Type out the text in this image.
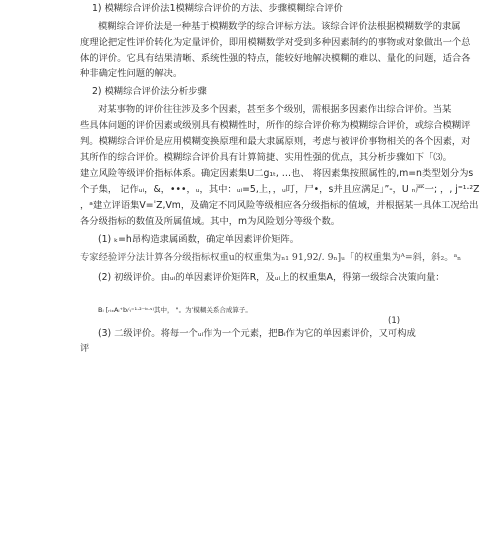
1) 模糊综合评价法1模糊综合评价的方法、步骤模糊综合评价
模糊综合评价法是一种基于模糊数学的综合评标方法。该综合评价法根据模糊数学的隶属
度理论把定性评价转化为定量评价，即用模糊数学对受到多种因素制约的事物或对象做出一个总
体的评价。它具有结果清晰、系统性强的特点，能较好地解决模糊的难以、量化的问题，适合各
种非确定性问题的解决。
2) 模糊综合评价法分析步骤
对某事物的评价往往涉及多个因素，甚至多个级别，需根据多因素作出综合评价。当某
些具体问题的评价因素或级别具有模糊性时，所作的综合评价称为模糊综合评价，或综合模糊评
判。模糊综合评价是应用模糊变换原理和最大隶属原则，考虑与被评价事物相关的各个因素，对
其所作的综合评价。模糊综合评价具有计算简捷、实用性强的优点，其分析步骤如下「⑶。
建立风险等级评价指标体系。确定因素集U二g₁ₜ, …也、 将因素集按照属性的,m=n类型划分为s
个子集， 记作ᵤᵢ，&，•••，ᵤ，其中：ᵤᵢ=5,上，，ᵤ叮，尸•，s并且应满足」”-，U ₙ严一; ，, j⁼¹·²Z
，ᵃ建立评语集V=ˈZ,Vm，及确定不同风险等级相应各分级指标的值域，并根据某一具体工况给出
各分级指标的数值及所属值域。其中，m为风险划分等级个数。
(1) ₖ=h昂构造隶属函数，确定单因素评价矩阵。
专家经验评分法计算各分级指标权重u的权重集为ₙ₁ 91,92/. 9ₙ]ᵤ「的权重集为ᴬ=斜，斜₂。ᵃₙ
(2) 初级评价。由ᵤᵢ的单因素评价矩阵R，及ᵤᵢ上的权重集A，得第一级综合决策向量：
Bᵢ [ᵣᵢₓAᵢ⁺bᵢ⁽ᵢ⁼¹·²⁻ᵇ·ˢ⁾其中， "。为ˈ模糊关系合成算子。
(1)
(3) 二级评价。将每一个ᵤᵢ作为一个元素，把Bᵢ作为它的单因素评价，又可构成
评
